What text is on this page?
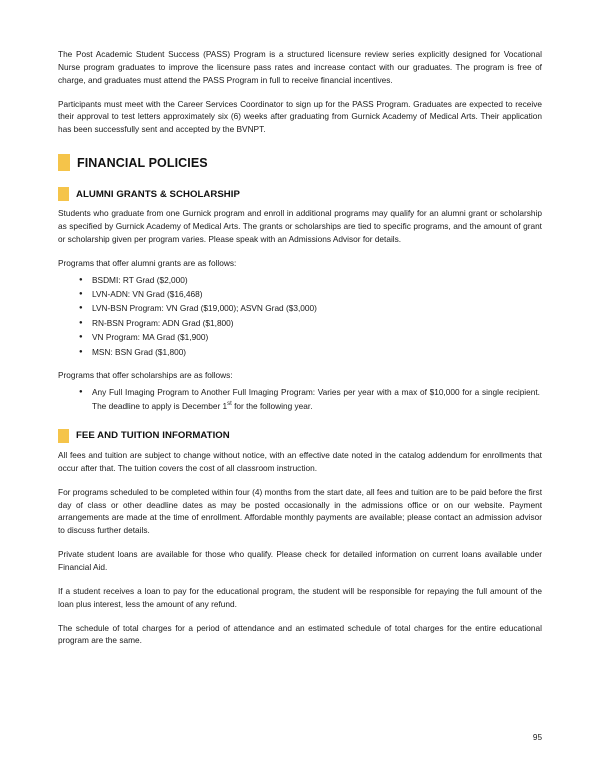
The Post Academic Student Success (PASS) Program is a structured licensure review series explicitly designed for Vocational Nurse program graduates to improve the licensure pass rates and increase contact with our graduates. The program is free of charge, and graduates must attend the PASS Program in full to receive financial incentives.

Participants must meet with the Career Services Coordinator to sign up for the PASS Program. Graduates are expected to receive their approval to test letters approximately six (6) weeks after graduating from Gurnick Academy of Medical Arts. Their application has been successfully sent and accepted by the BVNPT.

FINANCIAL POLICIES
ALUMNI GRANTS & SCHOLARSHIP

Students who graduate from one Gurnick program and enroll in additional programs may qualify for an alumni grant or scholarship as specified by Gurnick Academy of Medical Arts. The grants or scholarships are tied to specific programs, and the amount of grant or scholarship given per program varies. Please speak with an Admissions Advisor for details.

Programs that offer alumni grants are as follows:

● BSDMI: RT Grad ($2,000)
● LVN-ADN: VN Grad ($16,468)
● LVN-BSN Program: VN Grad ($19,000); ASVN Grad ($3,000)
● RN-BSN Program: ADN Grad ($1,800)
● VN Program: MA Grad ($1,900)
● MSN: BSN Grad ($1,800)

Programs that offer scholarships are as follows:

● Any Full Imaging Program to Another Full Imaging Program: Varies per year with a max of $10,000 for a single recipient. The deadline to apply is December 1st for the following year.
FEE AND TUITION INFORMATION

All fees and tuition are subject to change without notice, with an effective date noted in the catalog addendum for enrollments that occur after that. The tuition covers the cost of all classroom instruction.

For programs scheduled to be completed within four (4) months from the start date, all fees and tuition are to be paid before the first day of class or other deadline dates as may be posted occasionally in the admissions office or on our website. Payment arrangements are made at the time of enrollment. Affordable monthly payments are available; please contact an admission advisor to discuss further details.

Private student loans are available for those who qualify. Please check for detailed information on current loans available under Financial Aid.

If a student receives a loan to pay for the educational program, the student will be responsible for repaying the full amount of the loan plus interest, less the amount of any refund.

The schedule of total charges for a period of attendance and an estimated schedule of total charges for the entire educational program are the same.

95
